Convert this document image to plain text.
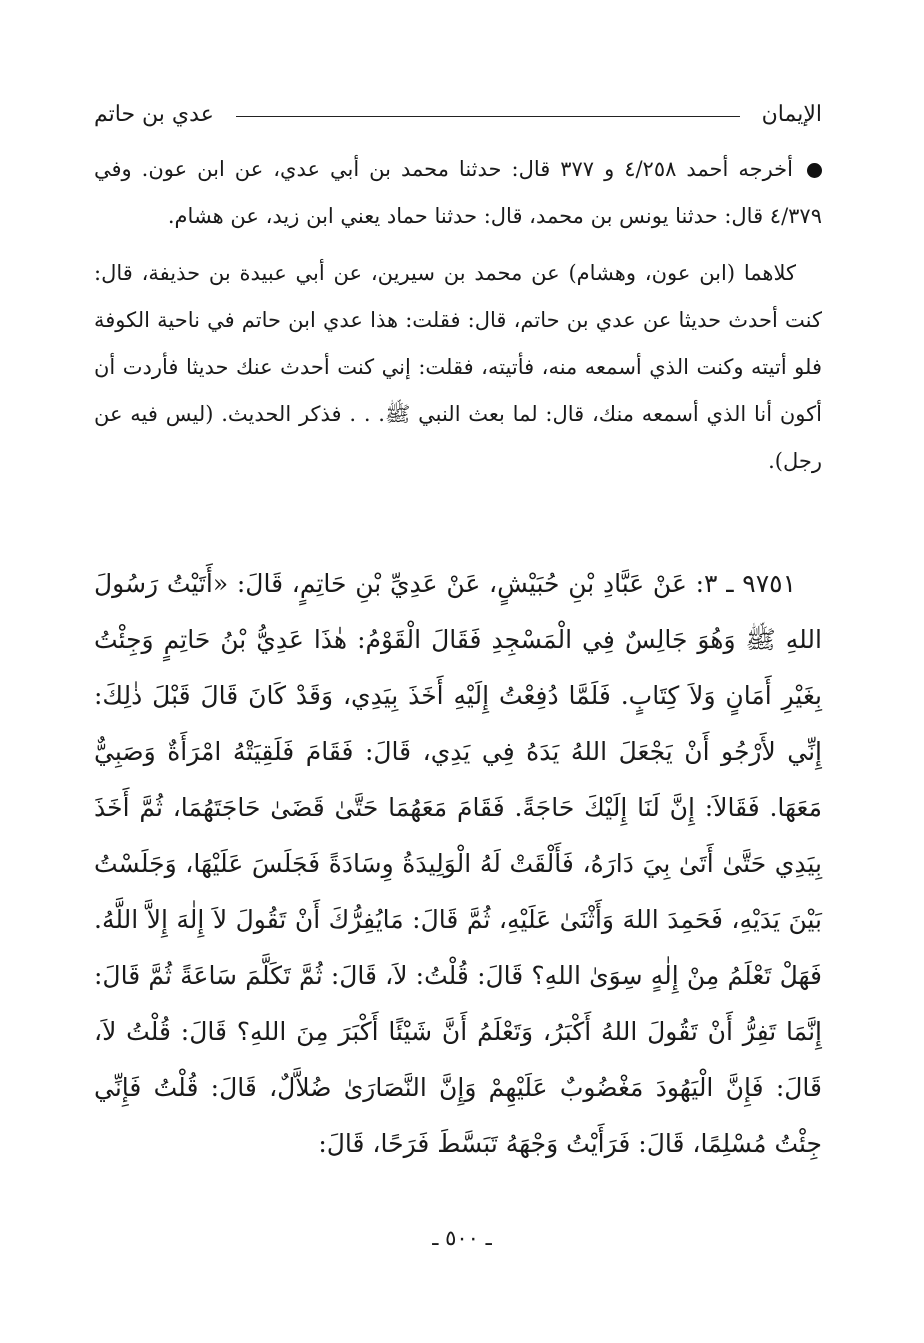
الإيمان
عدي بن حاتم

أخرجه أحمد ٤/٢٥٨ و ٣٧٧ قال: حدثنا محمد بن أبي عدي، عن ابن عون. وفي ٤/٣٧٩ قال: حدثنا يونس بن محمد، قال: حدثنا حماد يعني ابن زيد، عن هشام.

كلاهما (ابن عون، وهشام) عن محمد بن سيرين، عن أبي عبيدة بن حذيفة، قال: كنت أحدث حديثا عن عدي بن حاتم، قال: فقلت: هذا عدي ابن حاتم في ناحية الكوفة فلو أتيته وكنت الذي أسمعه منه، فأتيته، فقلت: إني كنت أحدث عنك حديثا فأردت أن أكون أنا الذي أسمعه منك، قال: لما بعث النبي ﷺ. . . فذكر الحديث. (ليس فيه عن رجل).

٩٧٥١ ـ ٣: عَنْ عَبَّادِ بْنِ حُبَيْشٍ، عَنْ عَدِيِّ بْنِ حَاتِمٍ، قَالَ: «أَتَيْتُ رَسُولَ اللهِ ﷺ وَهُوَ جَالِسٌ فِي الْمَسْجِدِ فَقَالَ الْقَوْمُ: هٰذَا عَدِيُّ بْنُ حَاتِمٍ وَجِئْتُ بِغَيْرِ أَمَانٍ وَلاَ كِتَابٍ. فَلَمَّا دُفِعْتُ إِلَيْهِ أَخَذَ بِيَدِي، وَقَدْ كَانَ قَالَ قَبْلَ ذٰلِكَ: إِنِّي لأَرْجُو أَنْ يَجْعَلَ اللهُ يَدَهُ فِي يَدِي، قَالَ: فَقَامَ فَلَقِيَتْهُ امْرَأَةٌ وَصَبِيٌّ مَعَهَا. فَقَالاَ: إِنَّ لَنَا إِلَيْكَ حَاجَةً. فَقَامَ مَعَهُمَا حَتَّىٰ قَضَىٰ حَاجَتَهُمَا، ثُمَّ أَخَذَ بِيَدِي حَتَّىٰ أَتَىٰ بِيَ دَارَهُ، فَأَلْقَتْ لَهُ الْوَلِيدَةُ وِسَادَةً فَجَلَسَ عَلَيْهَا، وَجَلَسْتُ بَيْنَ يَدَيْهِ، فَحَمِدَ اللهَ وَأَثْنَىٰ عَلَيْهِ، ثُمَّ قَالَ: مَايُفِرُّكَ أَنْ تَقُولَ لاَ إِلٰهَ إِلاَّ اللَّهُ. فَهَلْ تَعْلَمُ مِنْ إِلٰهٍ سِوَىٰ اللهِ؟ قَالَ: قُلْتُ: لاَ، قَالَ: ثُمَّ تَكَلَّمَ سَاعَةً ثُمَّ قَالَ: إِنَّمَا تَفِرُّ أَنْ تَقُولَ اللهُ أَكْبَرُ، وَتَعْلَمُ أَنَّ شَيْئًا أَكْبَرَ مِنَ اللهِ؟ قَالَ: قُلْتُ لاَ، قَالَ: فَإِنَّ الْيَهُودَ مَغْضُوبٌ عَلَيْهِمْ وَإِنَّ النَّصَارَىٰ ضُلاَّلٌ، قَالَ: قُلْتُ فَإِنِّي جِئْتُ مُسْلِمًا، قَالَ: فَرَأَيْتُ وَجْهَهُ تَبَسَّطَ فَرَحًا، قَالَ:

ـ ٥٠٠ ـ
